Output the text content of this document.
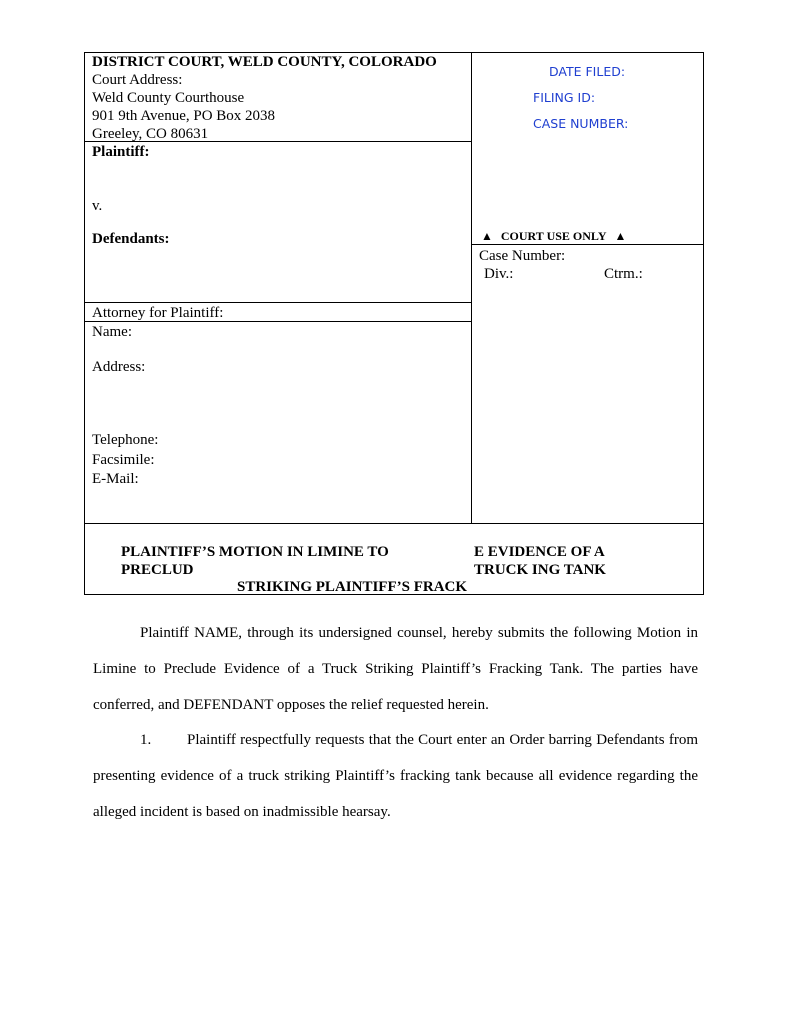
DISTRICT COURT, WELD COUNTY, COLORADO
Court Address:
Weld County Courthouse
901 9th Avenue, PO Box 2038
Greeley, CO 80631
Plaintiff:
v.
Defendants:
Attorney for Plaintiff:
Name:
Address:
Telephone:
Facsimile:
E-Mail:
DATE FILED:
FILING ID:
CASE NUMBER:
▲ COURT USE ONLY ▲
Case Number:
Div.:	Ctrm.:
PLAINTIFF’S MOTION IN LIMINE TO
PRECLUD
E EVIDENCE OF A
TRUCK ING TANK
STRIKING PLAINTIFF’S FRACK
Plaintiff NAME, through its undersigned counsel, hereby submits the following Motion in Limine to Preclude Evidence of a Truck Striking Plaintiff’s Fracking Tank. The parties have conferred, and DEFENDANT opposes the relief requested herein.
1. Plaintiff respectfully requests that the Court enter an Order barring Defendants from presenting evidence of a truck striking Plaintiff’s fracking tank because all evidence regarding the alleged incident is based on inadmissible hearsay.
